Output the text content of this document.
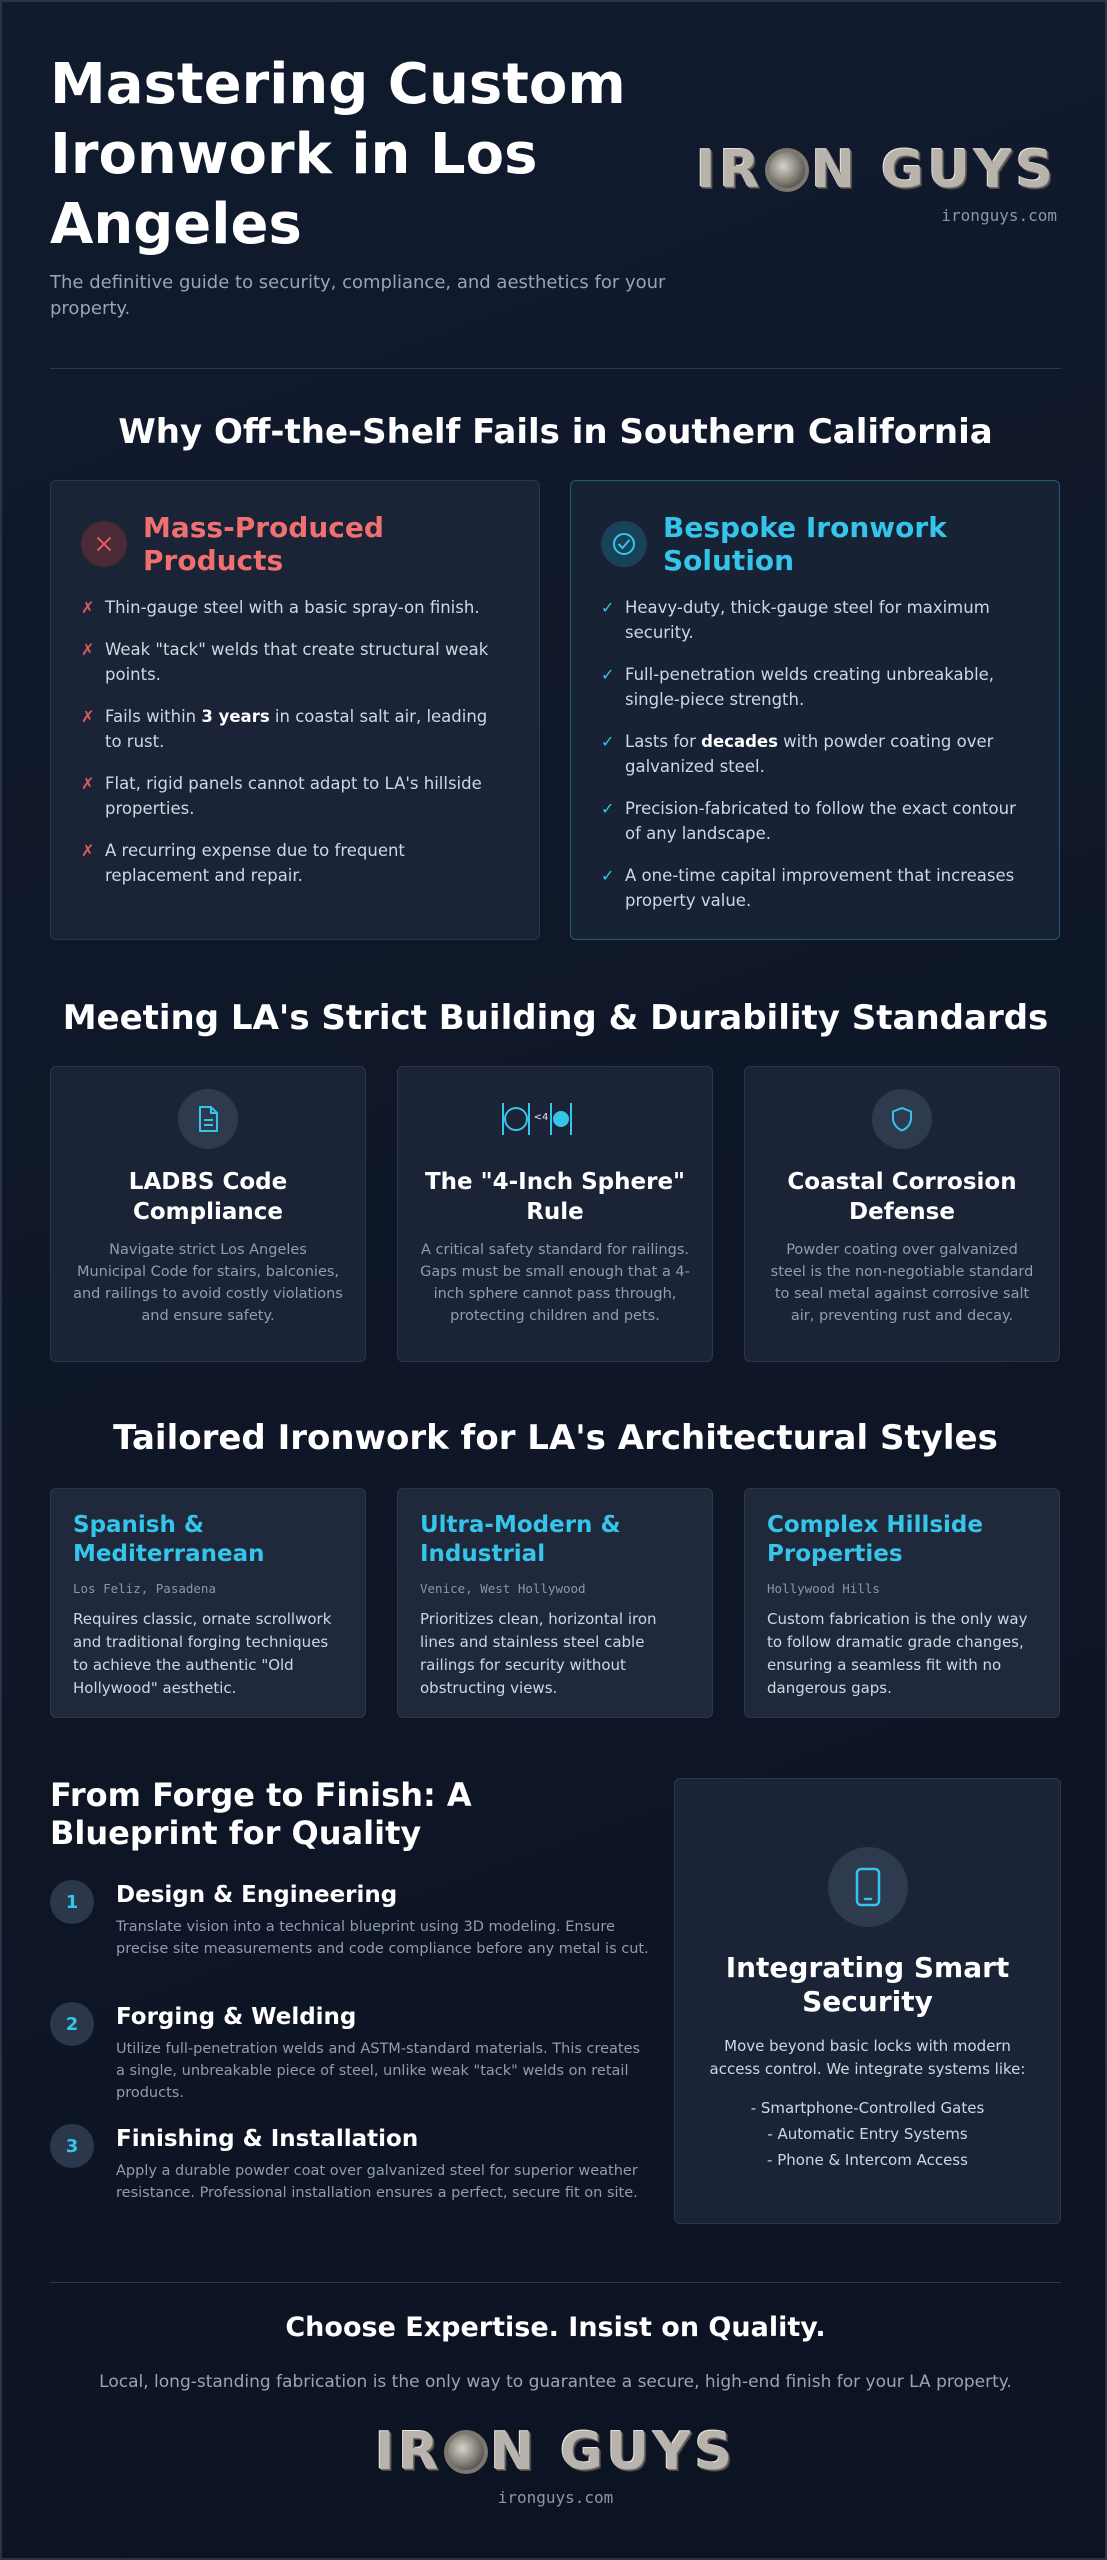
Mastering Custom Ironwork in Los Angeles

The definitive guide to security, compliance, and aesthetics for your property.

IR N GUYS
ironguys.com
Why Off-the-Shelf Fails in Southern California
Mass-Produced Products
✗ Thin-gauge steel with a basic spray-on finish.
✗ Weak "tack" welds that create structural weak points.
✗ Fails within 3 years in coastal salt air, leading to rust.
✗ Flat, rigid panels cannot adapt to LA's hillside properties.
✗ A recurring expense due to frequent replacement and repair.
Bespoke Ironwork Solution
✓ Heavy-duty, thick-gauge steel for maximum security.
✓ Full-penetration welds creating unbreakable, single-piece strength.
✓ Lasts for decades with powder coating over galvanized steel.
✓ Precision-fabricated to follow the exact contour of any landscape.
✓ A one-time capital improvement that increases property value.
Meeting LA's Strict Building & Durability Standards
LADBS Code Compliance

Navigate strict Los Angeles Municipal Code for stairs, balconies, and railings to avoid costly violations and ensure safety.

<4
The "4-Inch Sphere" Rule

A critical safety standard for railings. Gaps must be small enough that a 4-inch sphere cannot pass through, protecting children and pets.

Coastal Corrosion Defense

Powder coating over galvanized steel is the non-negotiable standard to seal metal against corrosive salt air, preventing rust and decay.

Tailored Ironwork for LA's Architectural Styles
Spanish & Mediterranean

Los Feliz, Pasadena

Requires classic, ornate scrollwork and traditional forging techniques to achieve the authentic "Old Hollywood" aesthetic.

Ultra-Modern & Industrial

Venice, West Hollywood

Prioritizes clean, horizontal iron lines and stainless steel cable railings for security without obstructing views.

Complex Hillside Properties

Hollywood Hills

Custom fabrication is the only way to follow dramatic grade changes, ensuring a seamless fit with no dangerous gaps.

From Forge to Finish: A Blueprint for Quality
1	Design & Engineering

Translate vision into a technical blueprint using 3D modeling. Ensure precise site measurements and code compliance before any metal is cut.

2	Forging & Welding

Utilize full-penetration welds and ASTM-standard materials. This creates a single, unbreakable piece of steel, unlike weak "tack" welds on retail products.

3	Finishing & Installation

Apply a durable powder coat over galvanized steel for superior weather resistance. Professional installation ensures a perfect, secure fit on site.

Integrating Smart Security

Move beyond basic locks with modern access control. We integrate systems like:

- Smartphone-Controlled Gates
- Automatic Entry Systems
- Phone & Intercom Access
Choose Expertise. Insist on Quality.

Local, long-standing fabrication is the only way to guarantee a secure, high-end finish for your LA property.

IR N GUYS
ironguys.com
